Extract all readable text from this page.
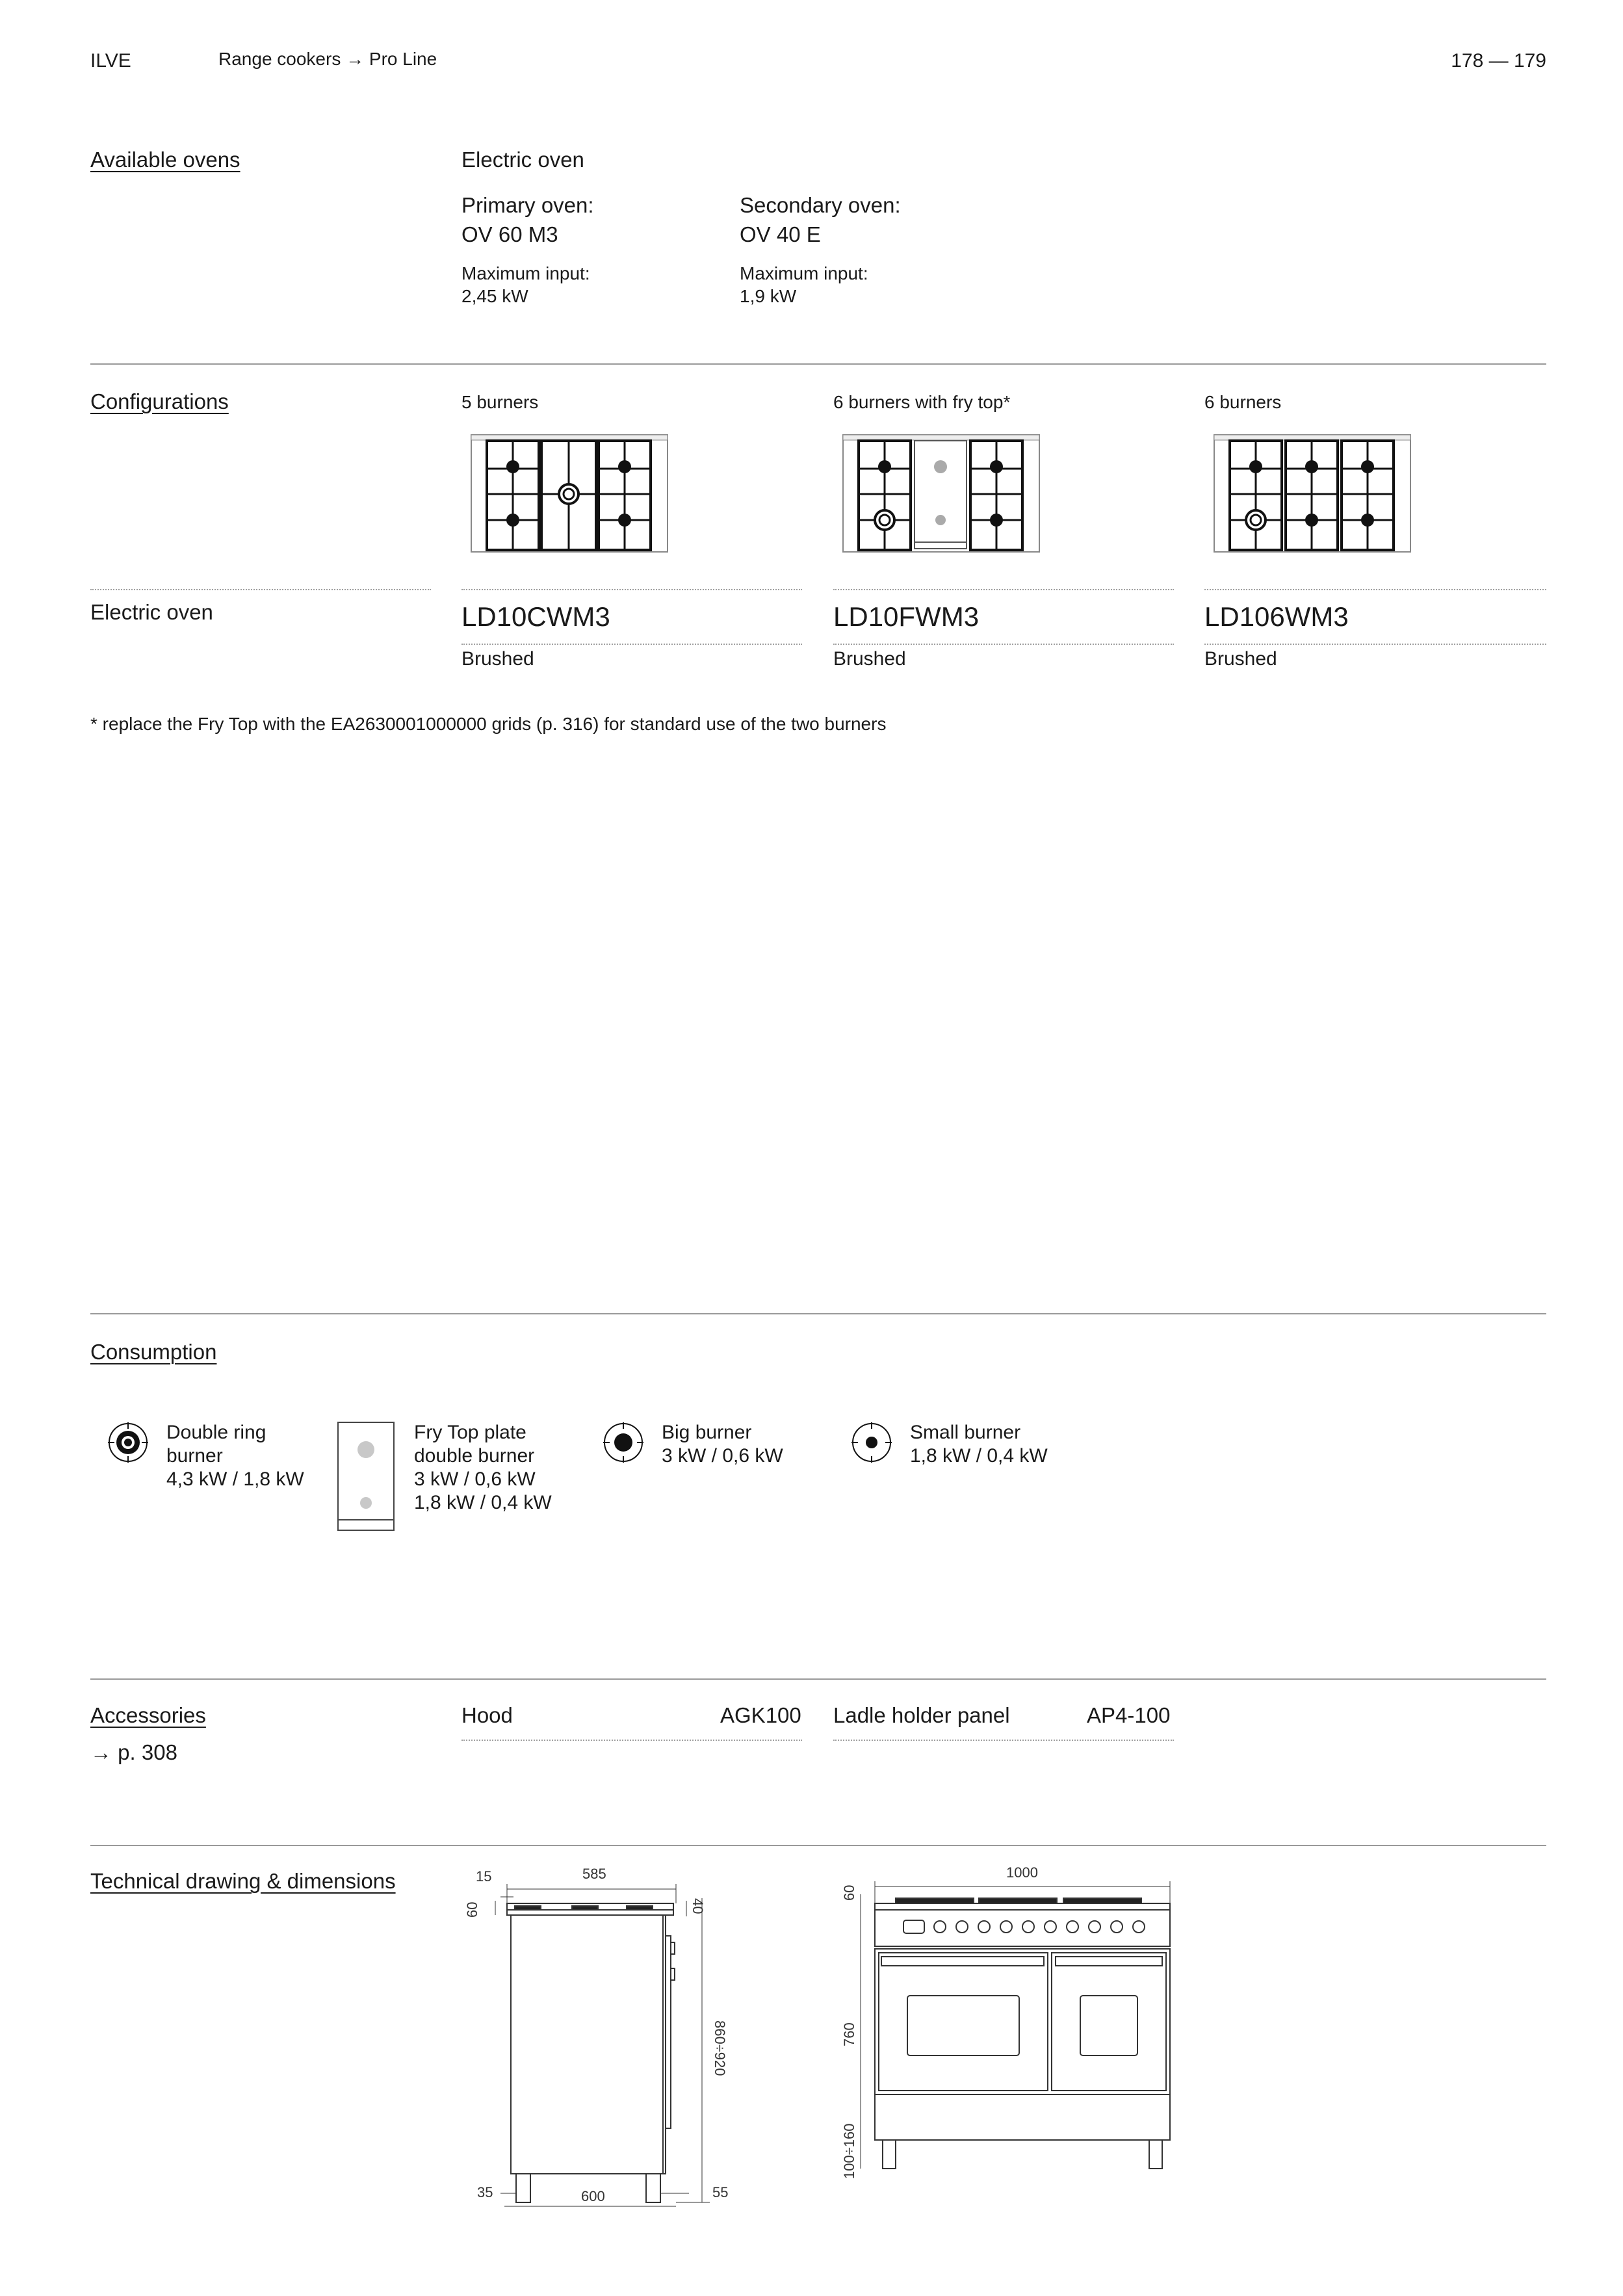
ILVE	Range cookers → Pro Line	178 — 179
Available ovens	Electric oven
Primary oven:
OV 60 M3
Maximum input:
2,45 kW
Secondary oven:
OV 40 E
Maximum input:
1,9 kW
Configurations	5 burners	6 burners with fry top*	6 burners
Electric oven	LD10CWM3	LD10FWM3	LD106WM3
Brushed	Brushed	Brushed
* replace the Fry Top with the EA2630001000000 grids (p. 316) for standard use of the two burners
Consumption
Double ring
burner
4,3 kW / 1,8 kW
Fry Top plate
double burner
3 kW / 0,6 kW
1,8 kW / 0,4 kW
Big burner
3 kW / 0,6 kW
Small burner
1,8 kW / 0,4 kW
Accessories
→ p. 308
Hood	AGK100 Ladle holder panel	AP4-100
Technical drawing & dimensions	15	585
60	40
860÷920
35	600	55
1000
60
760
100÷160
